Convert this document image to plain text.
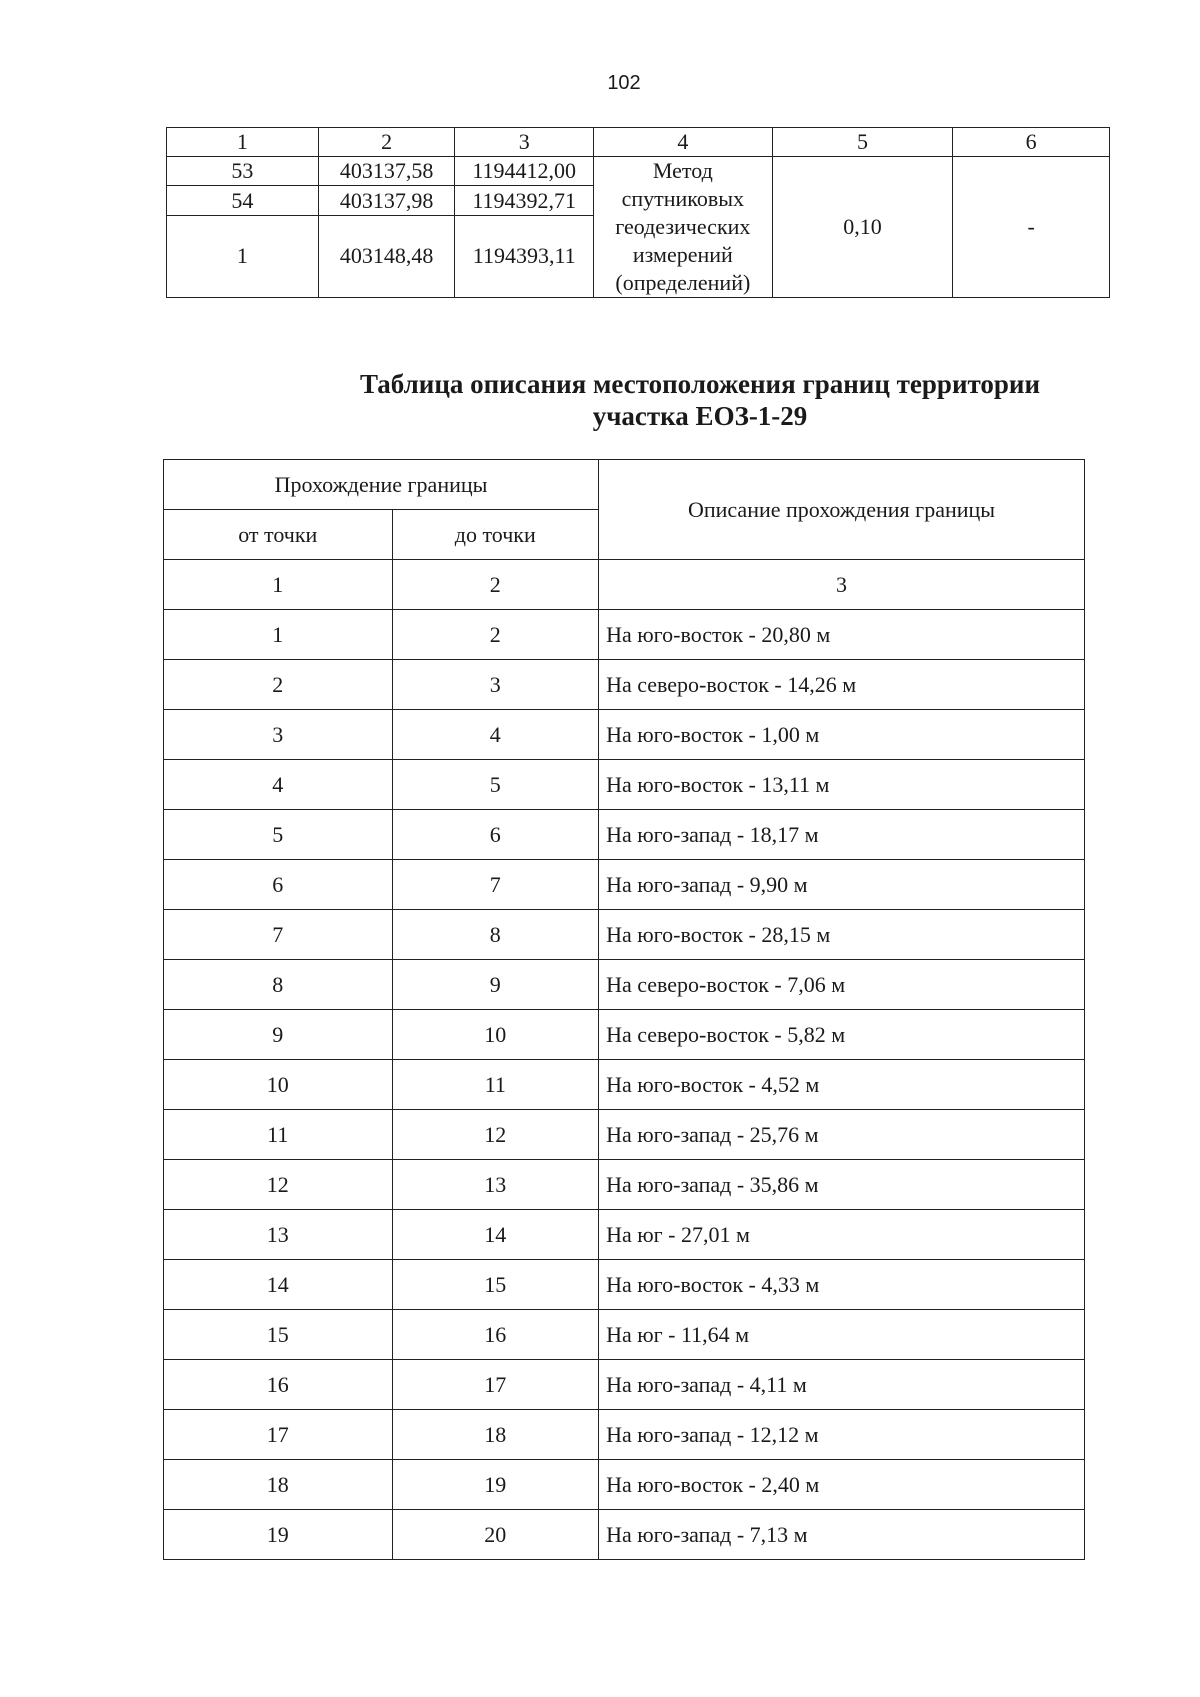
102
1	2	3	4	5	6
53	403137,58	1194412,00	Метод спутниковых геодезических измерений (определений)	0,10	-
54	403137,98	1194392,71			
1	403148,48	1194393,11			
Таблица описания местоположения границ территории
участка ЕОЗ-1-29
Прохождение границы		Описание прохождения границы
от точки	до точки	
1	2	3
1	2	На юго-восток - 20,80 м
2	3	На северо-восток - 14,26 м
3	4	На юго-восток - 1,00 м
4	5	На юго-восток - 13,11 м
5	6	На юго-запад - 18,17 м
6	7	На юго-запад - 9,90 м
7	8	На юго-восток - 28,15 м
8	9	На северо-восток - 7,06 м
9	10	На северо-восток - 5,82 м
10	11	На юго-восток - 4,52 м
11	12	На юго-запад - 25,76 м
12	13	На юго-запад - 35,86 м
13	14	На юг - 27,01 м
14	15	На юго-восток - 4,33 м
15	16	На юг - 11,64 м
16	17	На юго-запад - 4,11 м
17	18	На юго-запад - 12,12 м
18	19	На юго-восток - 2,40 м
19	20	На юго-запад - 7,13 м
